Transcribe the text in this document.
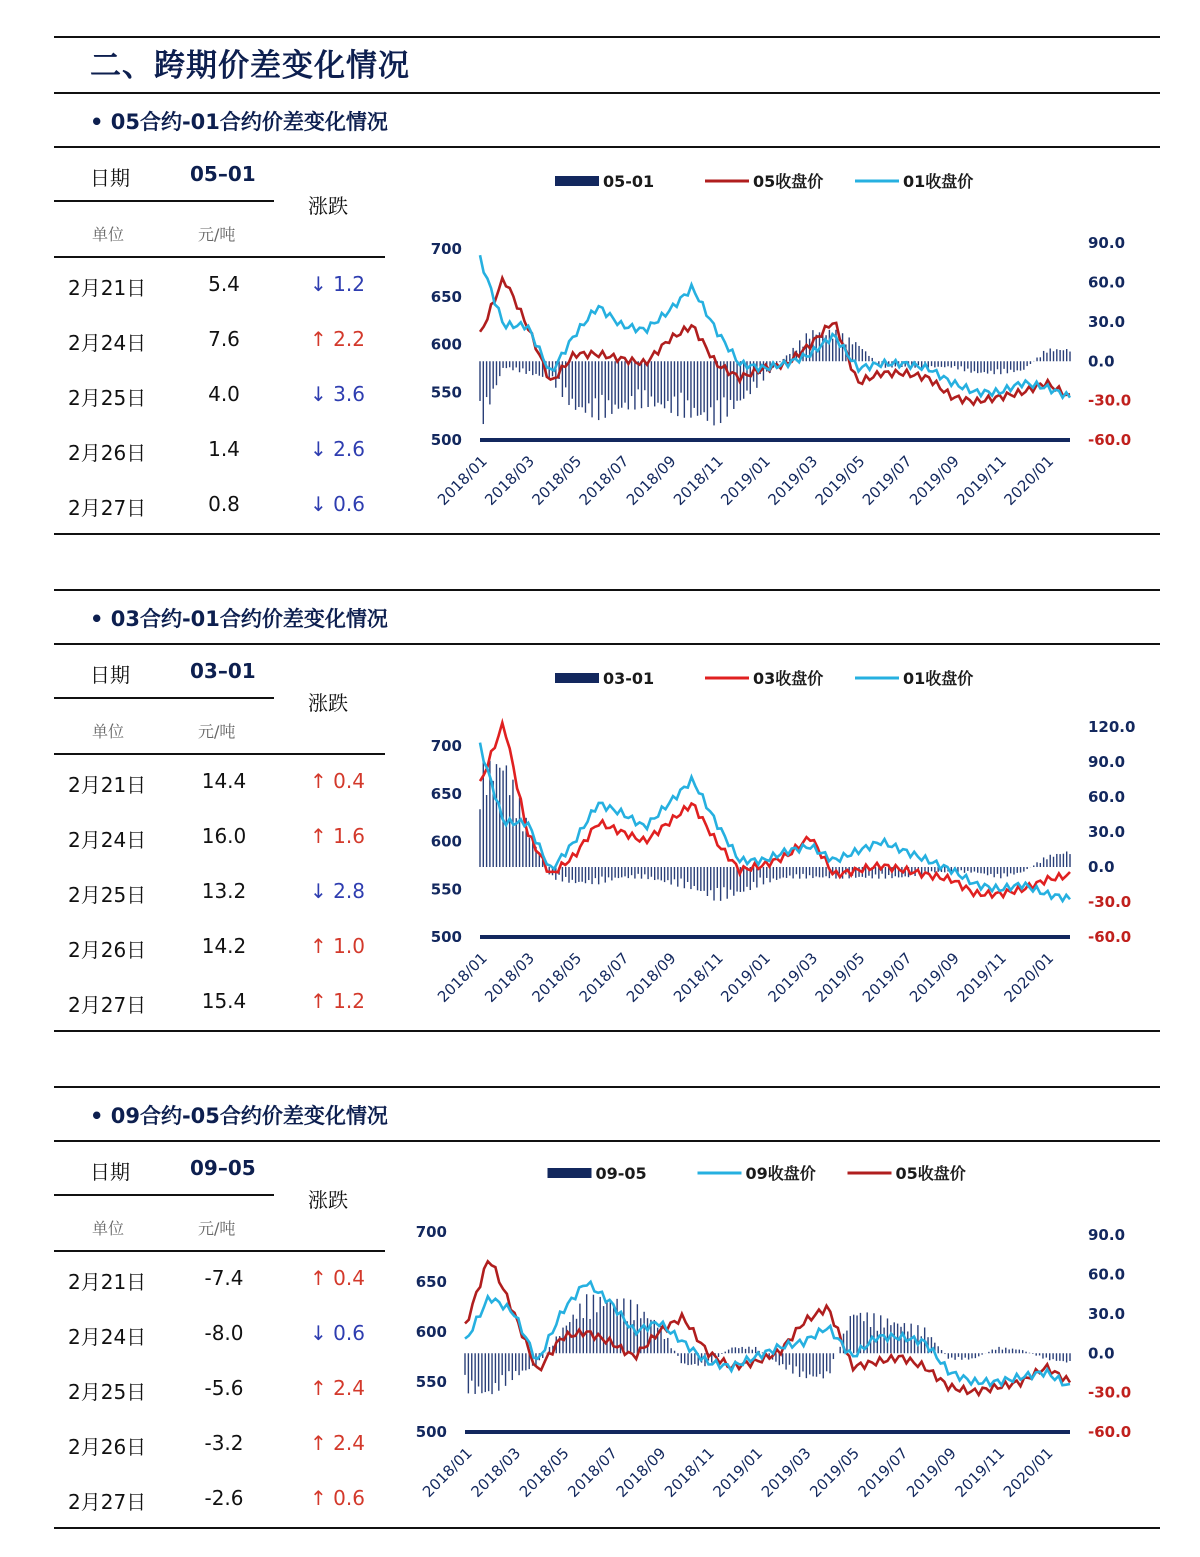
二、跨期价差变化情况
• 05合约-01合约价差变化情况
日期	05–01
涨跌
单位	元/吨
2月21日	5.4	↓ 1.2
2月24日	7.6	↑ 2.2
2月25日	4.0	↓ 3.6
2月26日	1.4	↓ 2.6
2月27日	0.8	↓ 0.6
05-01	05收盘价	01收盘价
500
550
600
650
700	90.0
60.0
30.0
0.0
-30.0
-60.0
2018/01
2018/03
2018/05
2018/07
2018/09
2018/11
2019/01
2019/03
2019/05
2019/07
2019/09
2019/11
2020/01
• 03合约-01合约价差变化情况
日期	03–01
涨跌
单位	元/吨
2月21日	14.4	↑ 0.4
2月24日	16.0	↑ 1.6
2月25日	13.2	↓ 2.8
2月26日	14.2	↑ 1.0
2月27日	15.4	↑ 1.2
03-01	03收盘价	01收盘价
500
550
600
650
700
120.0
90.0
60.0
30.0
0.0
-30.0
-60.0
2018/01
2018/03
2018/05
2018/07
2018/09
2018/11
2019/01
2019/03
2019/05
2019/07
2019/09
2019/11
2020/01
• 09合约-05合约价差变化情况
日期	09–05
涨跌
单位	元/吨
2月21日	-7.4	↑ 0.4
2月24日	-8.0	↓ 0.6
2月25日	-5.6	↑ 2.4
2月26日	-3.2	↑ 2.4
2月27日	-2.6	↑ 0.6
09-05	09收盘价	05收盘价
500
550
600
650
700	90.0
60.0
30.0
0.0
-30.0
-60.0
2018/01
2018/03
2018/05
2018/07
2018/09
2018/11
2019/01
2019/03
2019/05
2019/07
2019/09
2019/11
2020/01
